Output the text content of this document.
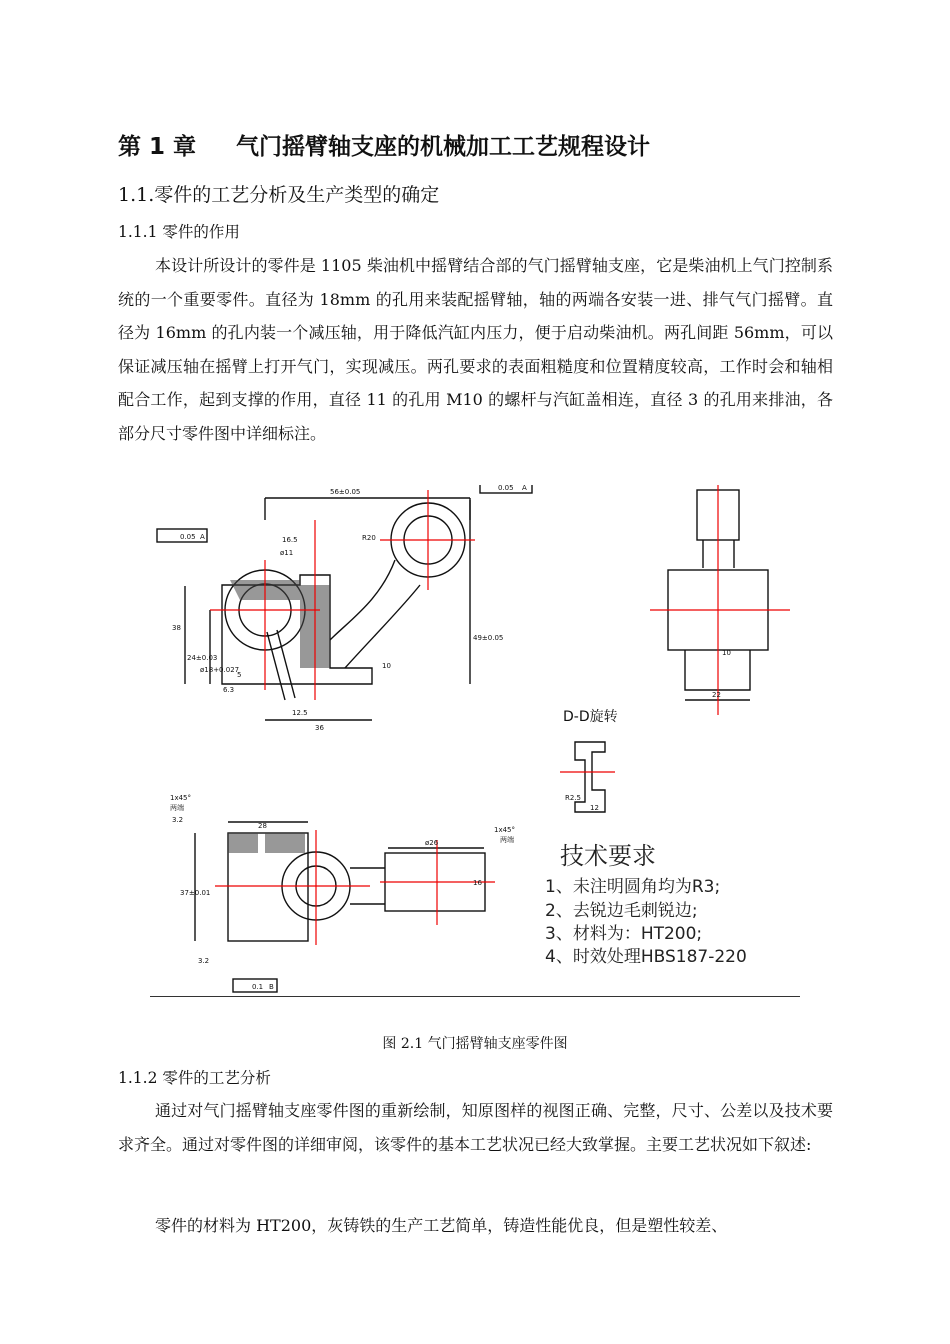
第 1 章     气门摇臂轴支座的机械加工工艺规程设计
1.1.零件的工艺分析及生产类型的确定
1.1.1 零件的作用

本设计所设计的零件是 1105 柴油机中摇臂结合部的气门摇臂轴支座，它是柴油机上气门控制系统的一个重要零件。直径为 18mm 的孔用来装配摇臂轴，轴的两端各安装一进、排气气门摇臂。直径为 16mm 的孔内装一个减压轴，用于降低汽缸内压力，便于启动柴油机。两孔间距 56mm，可以保证减压轴在摇臂上打开气门，实现减压。两孔要求的表面粗糙度和位置精度较高，工作时会和轴相配合工作，起到支撑的作用，直径 11 的孔用 M10 的螺杆与汽缸盖相连，直径 3 的孔用来排油，各部分尺寸零件图中详细标注。

56±0.05	0.05 A
0.05 A	16.5
ø11
38
24±0.03
ø18+0.027
49±0.05
36
10
5
6.3
12.5
R20
10
22
R2.5
12
1x45°
两端
3.2
28
ø26
1x45°
两端
37±0.01
16
3.2
0.1 B
D-D旋转
技术要求
1、未注明圆角均为R3;
2、去锐边毛刺锐边;
3、材料为：HT200;
4、时效处理HBS187-220
图 2.1 气门摇臂轴支座零件图
1.1.2 零件的工艺分析

通过对气门摇臂轴支座零件图的重新绘制，知原图样的视图正确、完整，尺寸、公差以及技术要求齐全。通过对零件图的详细审阅，该零件的基本工艺状况已经大致掌握。主要工艺状况如下叙述:

零件的材料为 HT200，灰铸铁的生产工艺简单，铸造性能优良，但是塑性较差、
